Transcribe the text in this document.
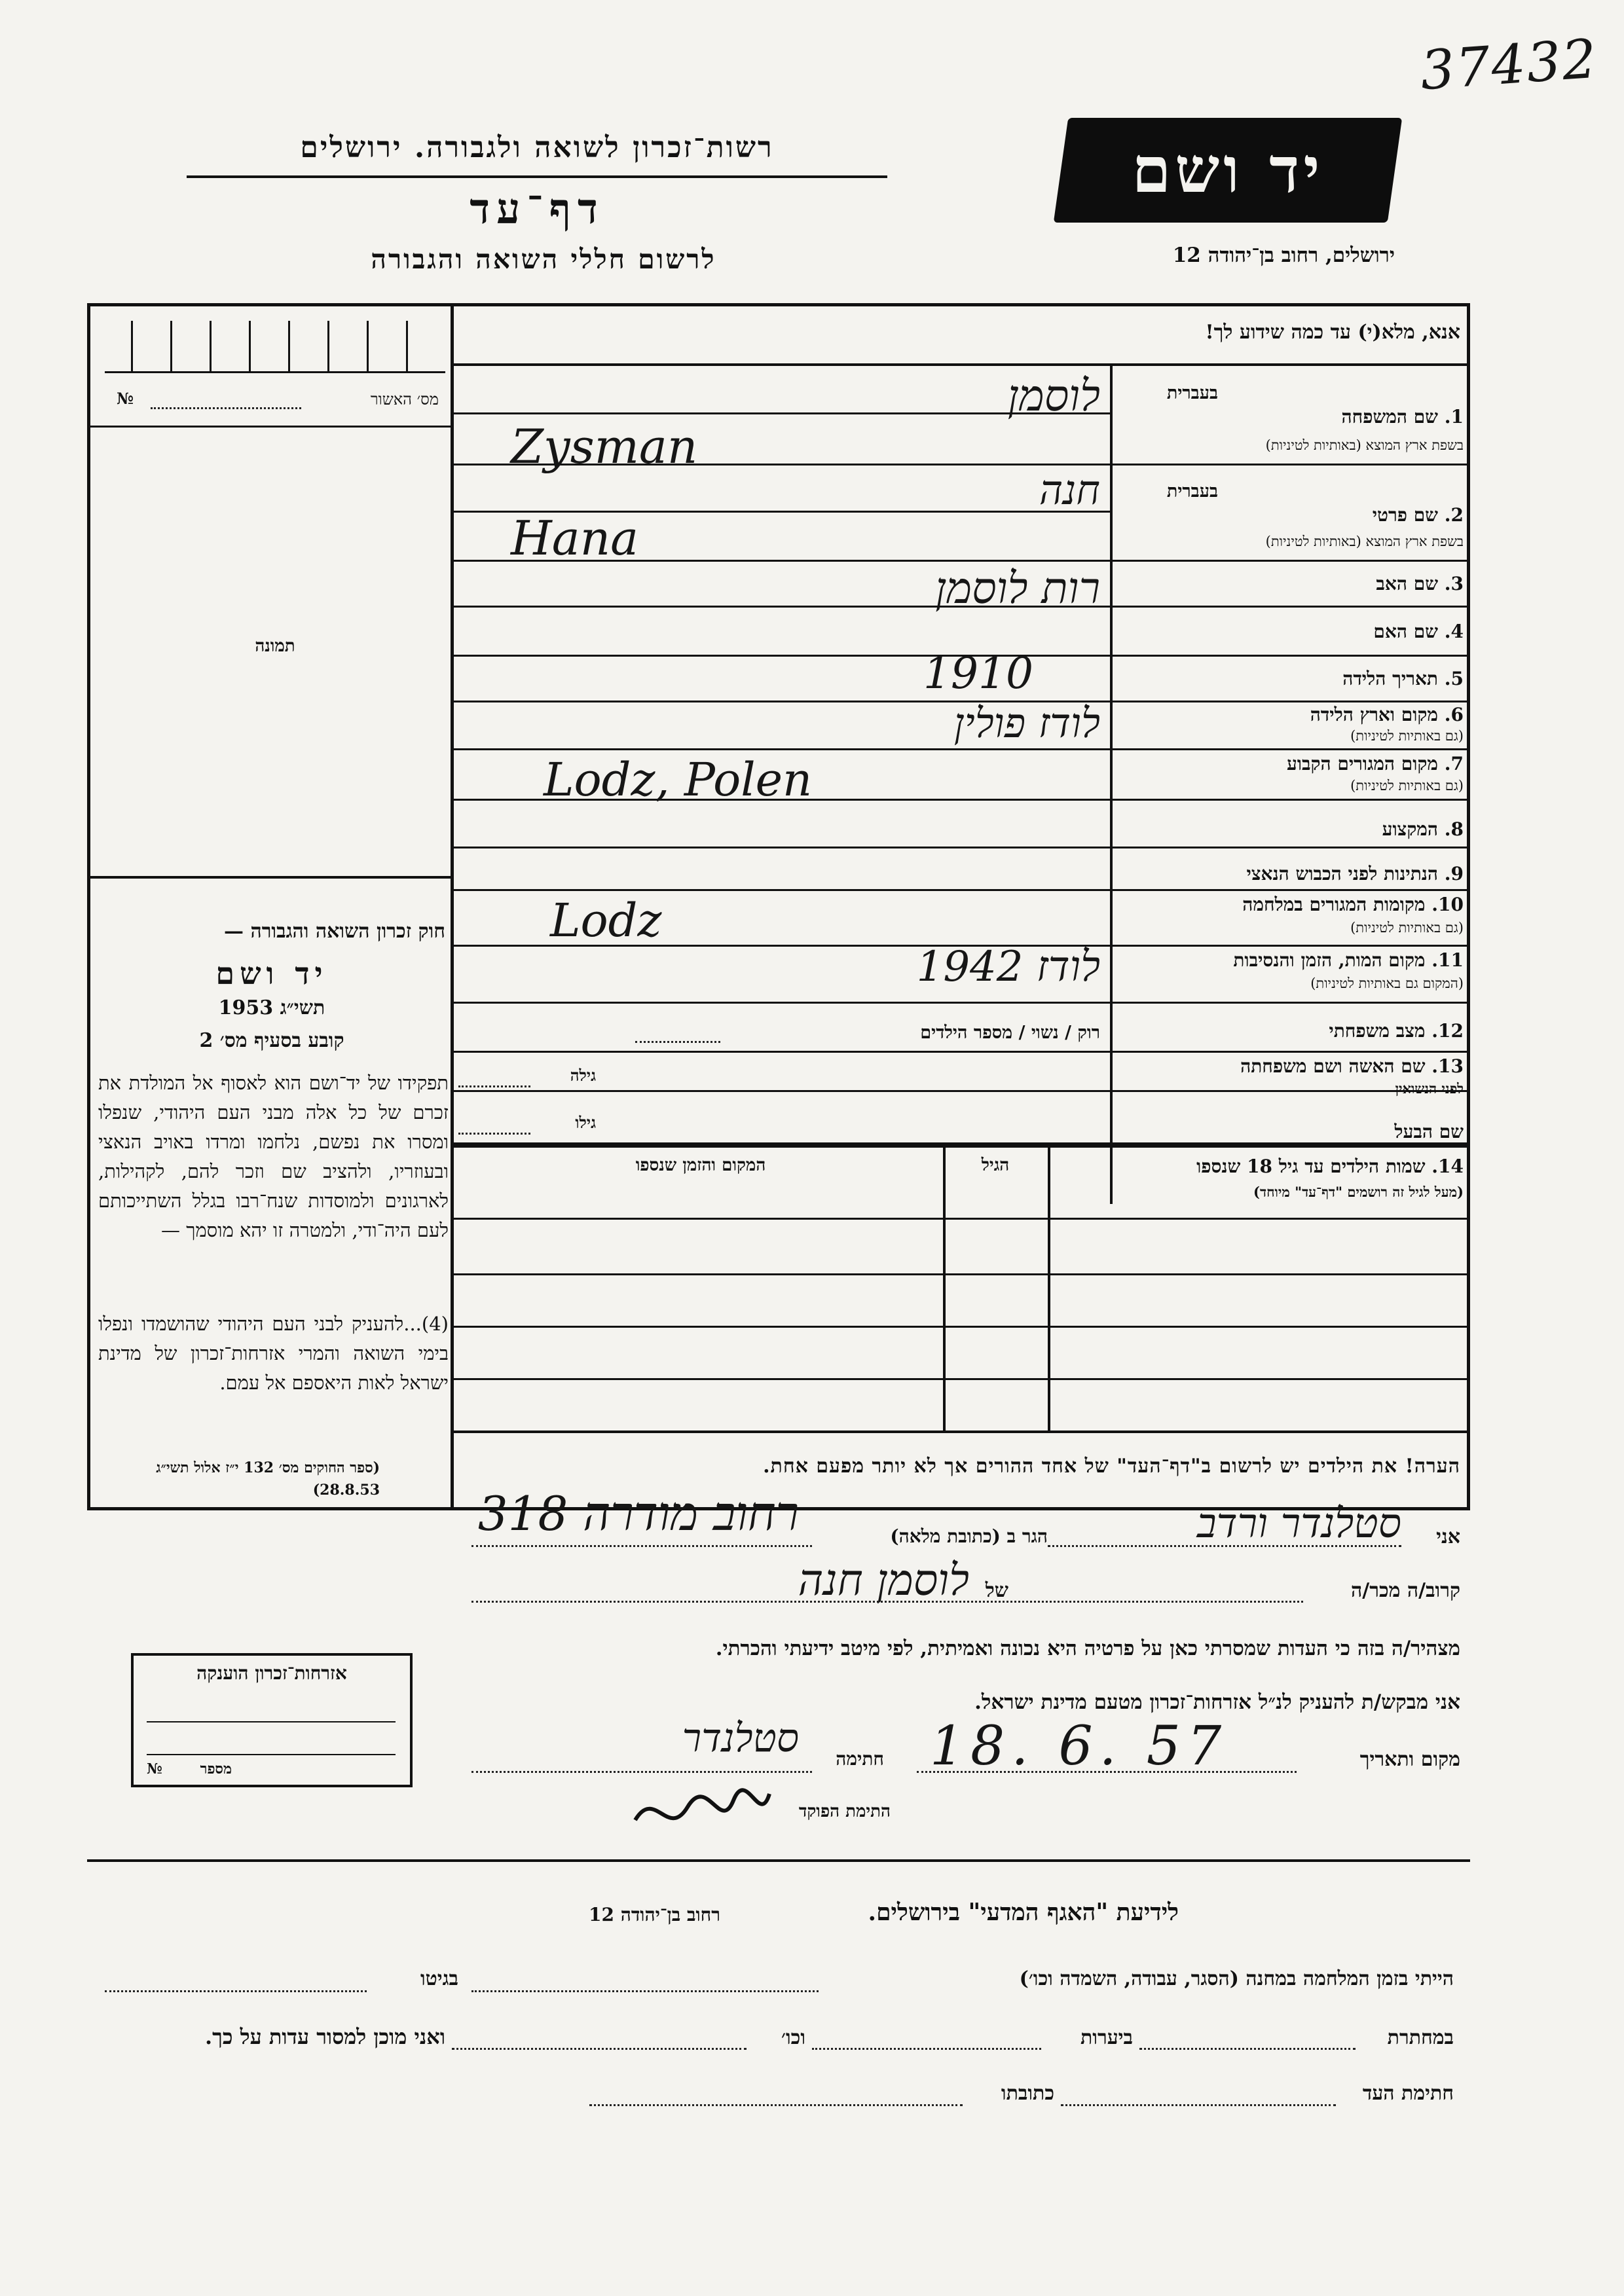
37432
רשות־זכרון לשואה ולגבורה. ירושלים
דף־עד
לרשום חללי השואה והגבורה
יד ושם
ירושלים, רחוב בן־יהודה 12
מס׳ האשור
№
תמונה
חוק זכרון השואה והגבורה —
יד ושם
תשי״ג 1953
קובע בסעיף מס׳ 2
תפקידו של יד־ושם הוא לאסוף אל המולדת את זכרם של כל אלה מבני העם היהודי, שנפלו ומסרו את נפשם, נלחמו ומרדו באויב הנאצי ובעוזריו, ולהציב שם וזכר להם, לקהילות, לארגונים ולמוסדות שנח־רבו בגלל השתייכותם לעם היה־ודי, ולמטרה זו יהא מוסמך —
(4)...להעניק לבני העם היהודי שהושמדו ונפלו בימי השואה והמרי אזרחות־זכרון של מדינת ישראל לאות היאספם אל עמם.
(ספר החוקים מס׳ 132 י״ז אלול תשי״ג 28.8.53)
אנא, מלא(י) עד כמה שידוע לך!
בעברית
1. שם המשפחה
בשפת ארץ המוצא (באותיות לטיניות)
לוסמן
Zysman
בעברית
2. שם פרטי
בשפת ארץ המוצא (באותיות לטיניות)
חנה
Hana
3. שם האב
רות לוסמן
4. שם האם
5. תאריך הלידה
1910
6. מקום וארץ הלידה
(גם באותיות לטיניות)
לודז פולין
7. מקום המגורים הקבוע
(גם באותיות לטיניות)
Lodz, Polen
8. המקצוע
9. הנתינות לפני הכבוש הנאצי
10. מקומות המגורים במלחמה
(גם באותיות לטיניות)
Lodz
11. מקום המות, הזמן והנסיבות
(המקום גם באותיות לטיניות)
לודז 1942
12. מצב משפחתי
רוק / נשוי / מספר הילדים
13. שם האשה ושם משפחתה
לפני הנשואין
גילה
שם הבעל
גילו
14. שמות הילדים עד גיל 18 שנספו
(מעל לגיל זה רושמים "דף־עד" מיוחד)
הגיל
המקום והזמן שנספו
הערה! את הילדים יש לרשום ב"דף־העד" של אחד ההורים אך לא יותר מפעם אחת.
אני
סטלנדר ורדב
הגר ב (כתובת מלאה)
רחוב מודרה 318
קרוב/ה מכר/ה
של
לוסמן חנה
מצהיר/ה בזה כי העדות שמסרתי כאן על פרטיה היא נכונה ואמיתית, לפי מיטב ידיעתי והכרתי.
אני מבקש/ת להעניק לנ״ל אזרחות־זכרון מטעם מדינת ישראל.
מקום ותאריך
18. 6. 57
חתימה
סטלנדר
התימת הפוקד
אזרחות־זכרון הוענקה
מספר
№
לידיעת "האגף המדעי" בירושלים.
רחוב בן־יהודה 12
הייתי בזמן המלחמה במחנה (הסגר, עבודה, השמדה וכו׳)
בגיטו
במחתרת
ביערות
וכו׳
ואני מוכן למסור עדות על כך.
חתימת העד
כתובתו
